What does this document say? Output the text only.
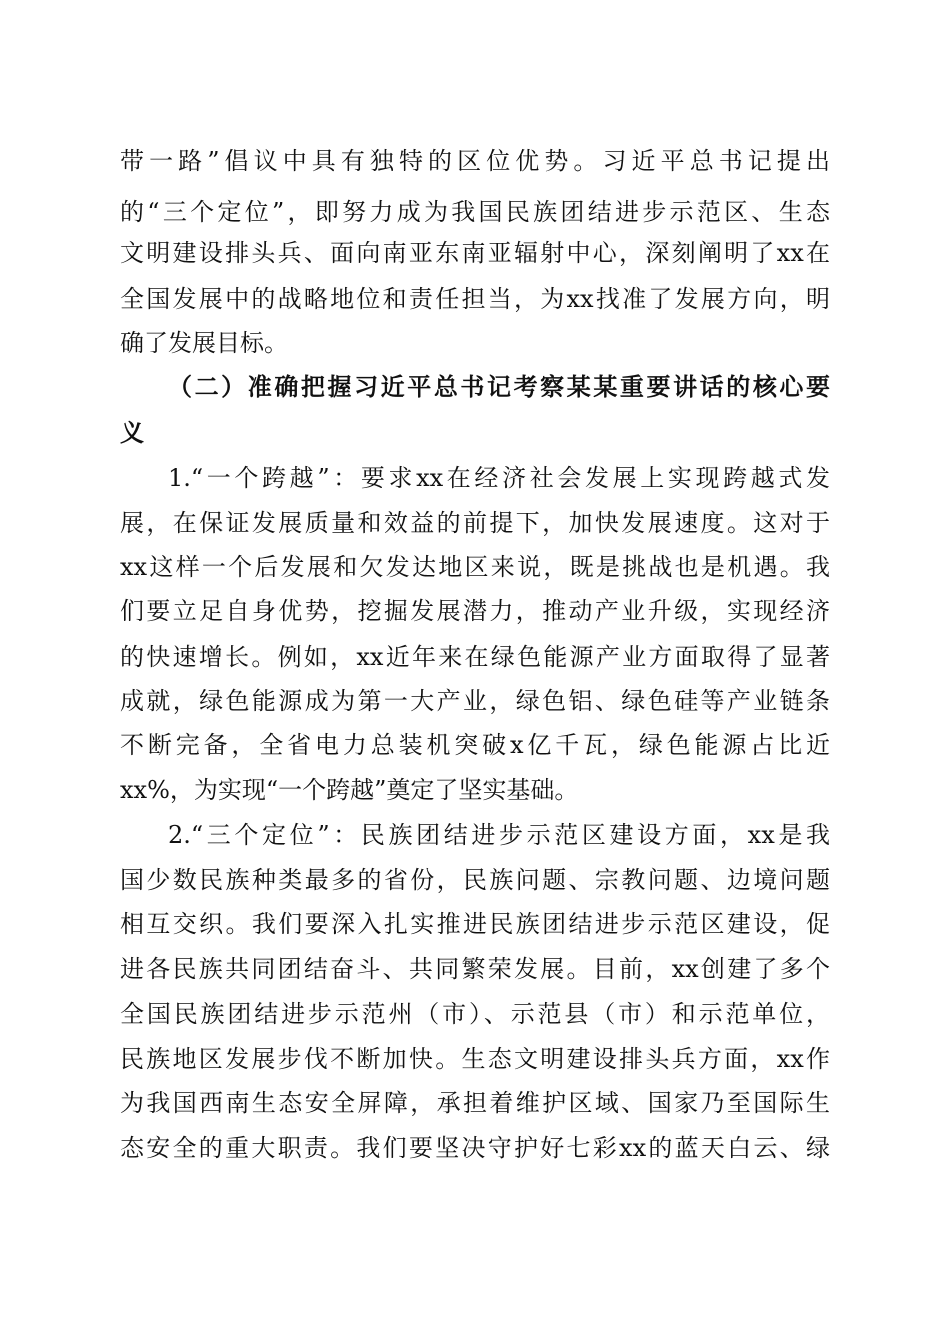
带一路”倡议中具有独特的区位优势。习近平总书记提出
的“三个定位”，即努力成为我国民族团结进步示范区、生态
文明建设排头兵、面向南亚东南亚辐射中心，深刻阐明了xx在
全国发展中的战略地位和责任担当，为xx找准了发展方向，明
确了发展目标。
（二）准确把握习近平总书记考察某某重要讲话的核心要
义
1.“一个跨越”：要求xx在经济社会发展上实现跨越式发
展，在保证发展质量和效益的前提下，加快发展速度。这对于
xx这样一个后发展和欠发达地区来说，既是挑战也是机遇。我
们要立足自身优势，挖掘发展潜力，推动产业升级，实现经济
的快速增长。例如，xx近年来在绿色能源产业方面取得了显著
成就，绿色能源成为第一大产业，绿色铝、绿色硅等产业链条
不断完备，全省电力总装机突破x亿千瓦，绿色能源占比近
xx%，为实现“一个跨越”奠定了坚实基础。
2.“三个定位”：民族团结进步示范区建设方面，xx是我
国少数民族种类最多的省份，民族问题、宗教问题、边境问题
相互交织。我们要深入扎实推进民族团结进步示范区建设，促
进各民族共同团结奋斗、共同繁荣发展。目前，xx创建了多个
全国民族团结进步示范州（市）、示范县（市）和示范单位，
民族地区发展步伐不断加快。生态文明建设排头兵方面，xx作
为我国西南生态安全屏障，承担着维护区域、国家乃至国际生
态安全的重大职责。我们要坚决守护好七彩xx的蓝天白云、绿
